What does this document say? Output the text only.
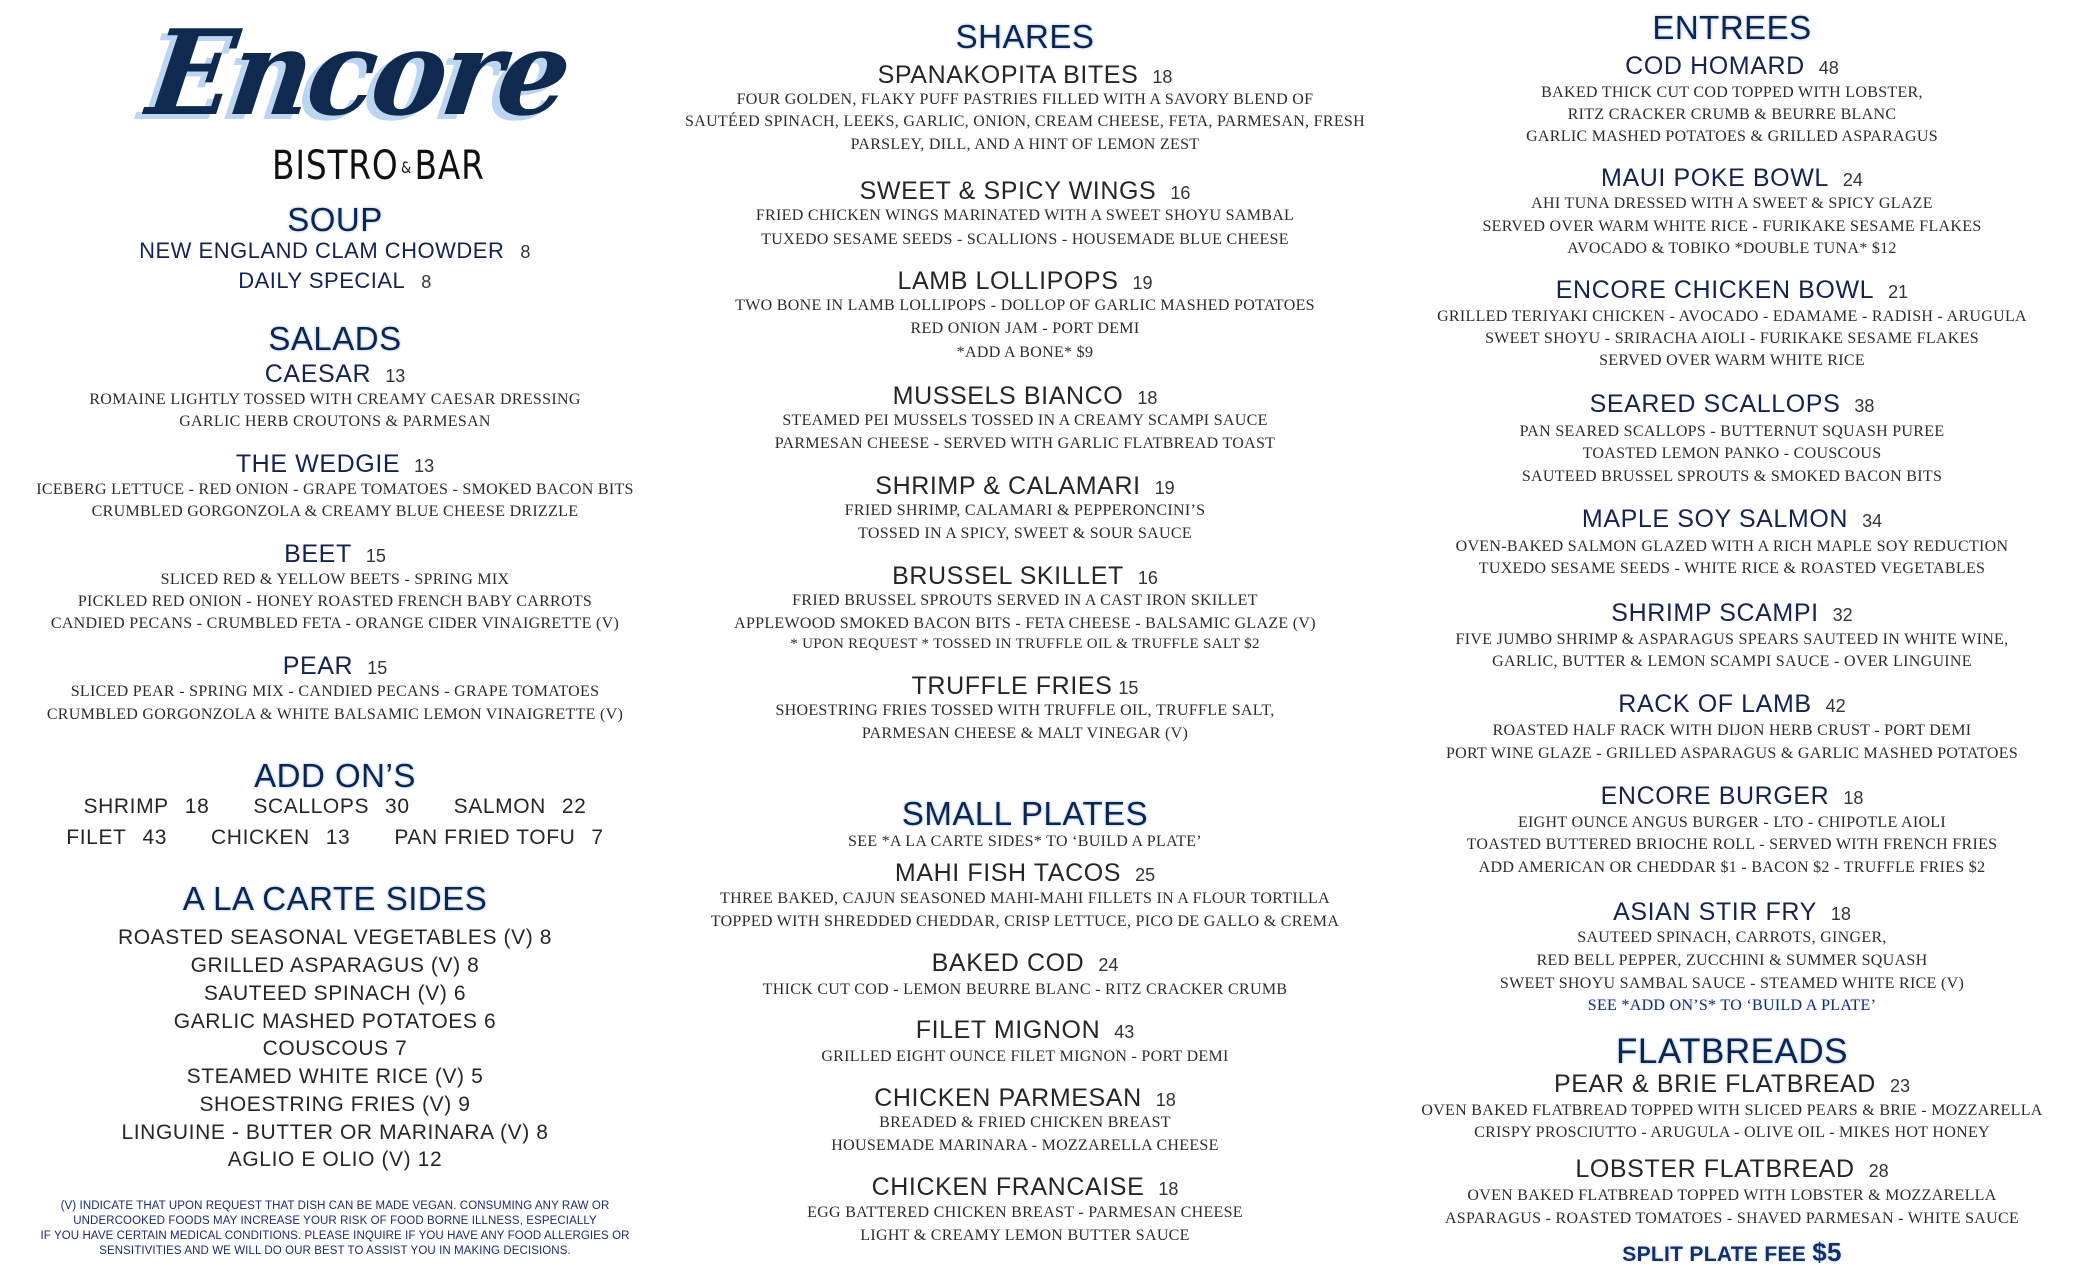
Encore
BISTRO &BAR
SOUP
NEW ENGLAND CLAM CHOWDER 8
DAILY SPECIAL 8
SALADS
CAESAR 13
ROMAINE LIGHTLY TOSSED WITH CREAMY CAESAR DRESSING
GARLIC HERB CROUTONS & PARMESAN
THE WEDGIE 13
ICEBERG LETTUCE - RED ONION - GRAPE TOMATOES - SMOKED BACON BITS
CRUMBLED GORGONZOLA & CREAMY BLUE CHEESE DRIZZLE
BEET 15
SLICED RED & YELLOW BEETS - SPRING MIX
PICKLED RED ONION - HONEY ROASTED FRENCH BABY CARROTS
CANDIED PECANS - CRUMBLED FETA - ORANGE CIDER VINAIGRETTE (V)
PEAR 15
SLICED PEAR - SPRING MIX - CANDIED PECANS - GRAPE TOMATOES
CRUMBLED GORGONZOLA & WHITE BALSAMIC LEMON VINAIGRETTE (V)
ADD ON’S
SHRIMP 18 SCALLOPS 30 SALMON 22
FILET 43 CHICKEN 13 PAN FRIED TOFU 7
A LA CARTE SIDES
ROASTED SEASONAL VEGETABLES (V) 8
GRILLED ASPARAGUS (V) 8
SAUTEED SPINACH (V) 6
GARLIC MASHED POTATOES 6
COUSCOUS 7
STEAMED WHITE RICE (V) 5
SHOESTRING FRIES (V) 9
LINGUINE - BUTTER OR MARINARA (V) 8
AGLIO E OLIO (V) 12
(V) INDICATE THAT UPON REQUEST THAT DISH CAN BE MADE VEGAN. CONSUMING ANY RAW OR
UNDERCOOKED FOODS MAY INCREASE YOUR RISK OF FOOD BORNE ILLNESS, ESPECIALLY
IF YOU HAVE CERTAIN MEDICAL CONDITIONS. PLEASE INQUIRE IF YOU HAVE ANY FOOD ALLERGIES OR
SENSITIVITIES AND WE WILL DO OUR BEST TO ASSIST YOU IN MAKING DECISIONS.
SHARES
SPANAKOPITA BITES 18
FOUR GOLDEN, FLAKY PUFF PASTRIES FILLED WITH A SAVORY BLEND OF
SAUTÉED SPINACH, LEEKS, GARLIC, ONION, CREAM CHEESE, FETA, PARMESAN, FRESH
PARSLEY, DILL, AND A HINT OF LEMON ZEST
SWEET & SPICY WINGS 16
FRIED CHICKEN WINGS MARINATED WITH A SWEET SHOYU SAMBAL
TUXEDO SESAME SEEDS - SCALLIONS - HOUSEMADE BLUE CHEESE
LAMB LOLLIPOPS 19
TWO BONE IN LAMB LOLLIPOPS - DOLLOP OF GARLIC MASHED POTATOES
RED ONION JAM - PORT DEMI
*ADD A BONE* $9
MUSSELS BIANCO 18
STEAMED PEI MUSSELS TOSSED IN A CREAMY SCAMPI SAUCE
PARMESAN CHEESE - SERVED WITH GARLIC FLATBREAD TOAST
SHRIMP & CALAMARI 19
FRIED SHRIMP, CALAMARI & PEPPERONCINI’S
TOSSED IN A SPICY, SWEET & SOUR SAUCE
BRUSSEL SKILLET 16
FRIED BRUSSEL SPROUTS SERVED IN A CAST IRON SKILLET
APPLEWOOD SMOKED BACON BITS - FETA CHEESE - BALSAMIC GLAZE (V)
* UPON REQUEST * TOSSED IN TRUFFLE OIL & TRUFFLE SALT $2
TRUFFLE FRIES 15
SHOESTRING FRIES TOSSED WITH TRUFFLE OIL, TRUFFLE SALT,
PARMESAN CHEESE & MALT VINEGAR (V)
SMALL PLATES
SEE *A LA CARTE SIDES* TO ‘BUILD A PLATE’
MAHI FISH TACOS 25
THREE BAKED, CAJUN SEASONED MAHI-MAHI FILLETS IN A FLOUR TORTILLA
TOPPED WITH SHREDDED CHEDDAR, CRISP LETTUCE, PICO DE GALLO & CREMA
BAKED COD 24
THICK CUT COD - LEMON BEURRE BLANC - RITZ CRACKER CRUMB
FILET MIGNON 43
GRILLED EIGHT OUNCE FILET MIGNON - PORT DEMI
CHICKEN PARMESAN 18
BREADED & FRIED CHICKEN BREAST
HOUSEMADE MARINARA - MOZZARELLA CHEESE
CHICKEN FRANCAISE 18
EGG BATTERED CHICKEN BREAST - PARMESAN CHEESE
LIGHT & CREAMY LEMON BUTTER SAUCE
ENTREES
COD HOMARD 48
BAKED THICK CUT COD TOPPED WITH LOBSTER,
RITZ CRACKER CRUMB & BEURRE BLANC
GARLIC MASHED POTATOES & GRILLED ASPARAGUS
MAUI POKE BOWL 24
AHI TUNA DRESSED WITH A SWEET & SPICY GLAZE
SERVED OVER WARM WHITE RICE - FURIKAKE SESAME FLAKES
AVOCADO & TOBIKO *DOUBLE TUNA* $12
ENCORE CHICKEN BOWL 21
GRILLED TERIYAKI CHICKEN - AVOCADO - EDAMAME - RADISH - ARUGULA
SWEET SHOYU - SRIRACHA AIOLI - FURIKAKE SESAME FLAKES
SERVED OVER WARM WHITE RICE
SEARED SCALLOPS 38
PAN SEARED SCALLOPS - BUTTERNUT SQUASH PUREE
TOASTED LEMON PANKO - COUSCOUS
SAUTEED BRUSSEL SPROUTS & SMOKED BACON BITS
MAPLE SOY SALMON 34
OVEN-BAKED SALMON GLAZED WITH A RICH MAPLE SOY REDUCTION
TUXEDO SESAME SEEDS - WHITE RICE & ROASTED VEGETABLES
SHRIMP SCAMPI 32
FIVE JUMBO SHRIMP & ASPARAGUS SPEARS SAUTEED IN WHITE WINE,
GARLIC, BUTTER & LEMON SCAMPI SAUCE - OVER LINGUINE
RACK OF LAMB 42
ROASTED HALF RACK WITH DIJON HERB CRUST - PORT DEMI
PORT WINE GLAZE - GRILLED ASPARAGUS & GARLIC MASHED POTATOES
ENCORE BURGER 18
EIGHT OUNCE ANGUS BURGER - LTO - CHIPOTLE AIOLI
TOASTED BUTTERED BRIOCHE ROLL - SERVED WITH FRENCH FRIES
ADD AMERICAN OR CHEDDAR $1 - BACON $2 - TRUFFLE FRIES $2
ASIAN STIR FRY 18
SAUTEED SPINACH, CARROTS, GINGER,
RED BELL PEPPER, ZUCCHINI & SUMMER SQUASH
SWEET SHOYU SAMBAL SAUCE - STEAMED WHITE RICE (V)
SEE *ADD ON’S* TO ‘BUILD A PLATE’
FLATBREADS
PEAR & BRIE FLATBREAD 23
OVEN BAKED FLATBREAD TOPPED WITH SLICED PEARS & BRIE - MOZZARELLA
CRISPY PROSCIUTTO - ARUGULA - OLIVE OIL - MIKES HOT HONEY
LOBSTER FLATBREAD 28
OVEN BAKED FLATBREAD TOPPED WITH LOBSTER & MOZZARELLA
ASPARAGUS - ROASTED TOMATOES - SHAVED PARMESAN - WHITE SAUCE
SPLIT PLATE FEE $5
